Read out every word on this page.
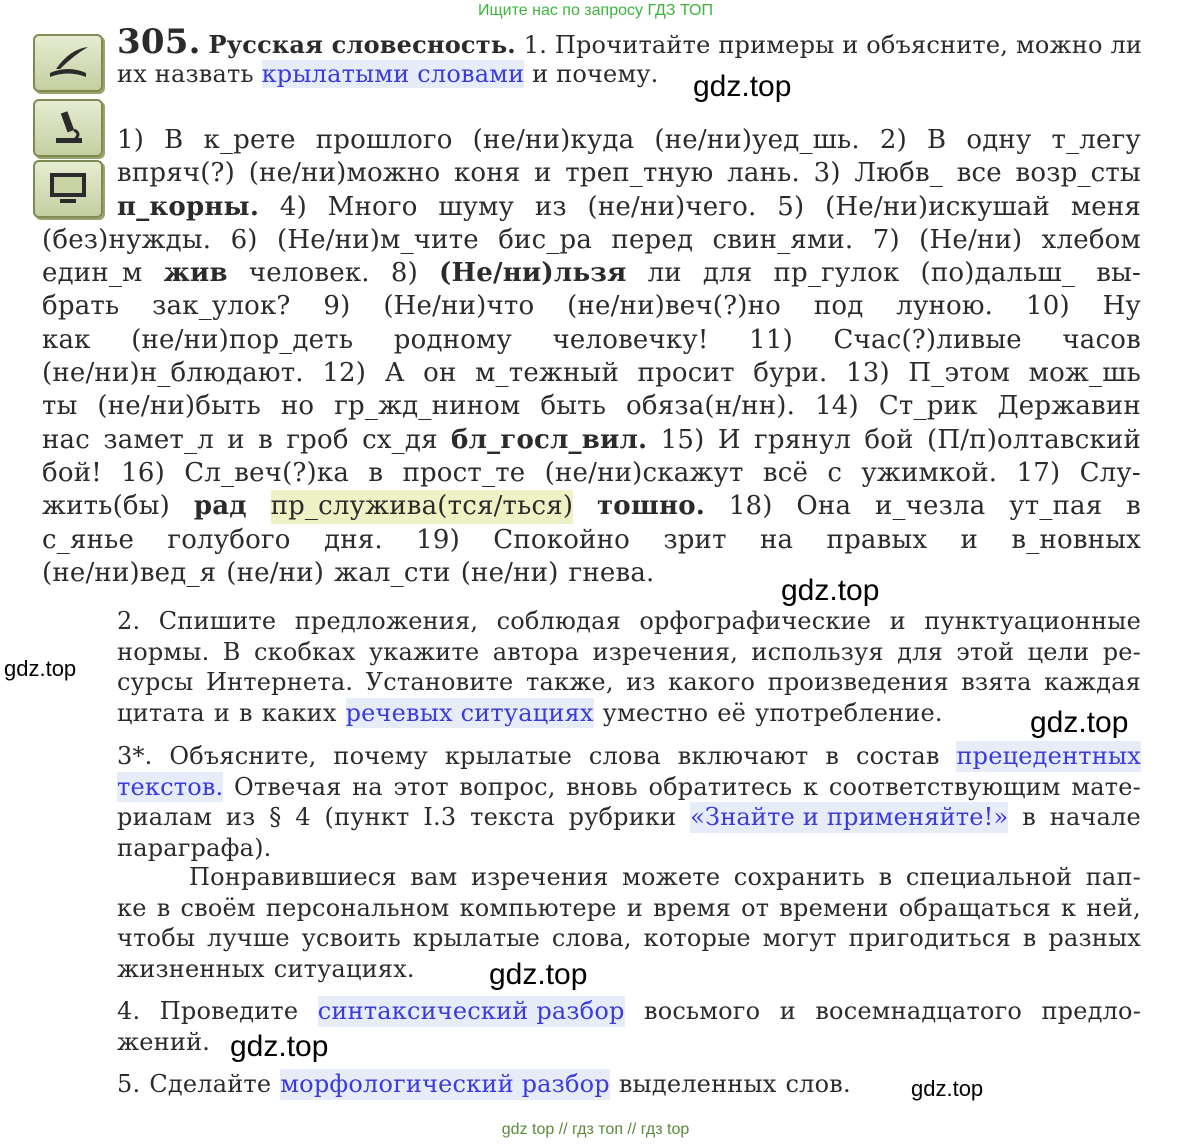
Ищите нас по запросу ГДЗ ТОП
305. Русская словесность. 1. Прочитайте примеры и объясните, можно ли
их назвать крылатыми словами и почему.
1) В к_рете прошлого (не/ни)куда (не/ни)уед_шь. 2) В одну т_легу
впряч(?) (не/ни)можно коня и треп_тную лань. 3) Любв_ все возр_сты
п_корны. 4) Много шуму из (не/ни)чего. 5) (Не/ни)искушай меня
(без)нужды. 6) (Не/ни)м_чите бис_ра перед свин_ями. 7) (Не/ни) хлебом
един_м жив человек. 8) (Не/ни)льзя ли для пр_гулок (по)дальш_ вы-
брать зак_улок? 9) (Не/ни)что (не/ни)веч(?)но под луною. 10) Ну
как (не/ни)пор_деть родному человечку! 11) Счас(?)ливые часов
(не/ни)н_блюдают. 12) А он м_тежный просит бури. 13) П_этом мож_шь
ты (не/ни)быть но гр_жд_нином быть обяза(н/нн). 14) Ст_рик Державин
нас замет_л и в гроб сх_дя бл_госл_вил. 15) И грянул бой (П/п)олтавский
бой! 16) Сл_веч(?)ка в прост_те (не/ни)скажут всё с ужимкой. 17) Слу-
жить(бы) рад пр_служива(тся/ться) тошно. 18) Она и_чезла ут_пая в
с_янье голубого дня. 19) Спокойно зрит на правых и в_новных
(не/ни)вед_я (не/ни) жал_сти (не/ни) гнева.
2. Спишите предложения, соблюдая орфографические и пунктуационные
нормы. В скобках укажите автора изречения, используя для этой цели ре-
сурсы Интернета. Установите также, из какого произведения взята каждая
цитата и в каких речевых ситуациях уместно её употребление.
3*. Объясните, почему крылатые слова включают в состав прецедентных
текстов. Отвечая на этот вопрос, вновь обратитесь к соответствующим мате-
риалам из § 4 (пункт I.3 текста рубрики «Знайте и применяйте!» в начале
параграфа).
Понравившиеся вам изречения можете сохранить в специальной пап-
ке в своём персональном компьютере и время от времени обращаться к ней,
чтобы лучше усвоить крылатые слова, которые могут пригодиться в разных
жизненных ситуациях.
4. Проведите синтаксический разбор восьмого и восемнадцатого предло-
жений.
5. Сделайте морфологический разбор выделенных слов.
gdz.top
gdz.top
gdz.top
gdz.top
gdz.top
gdz.top
gdz.top
gdz top // гдз топ // гдз top
